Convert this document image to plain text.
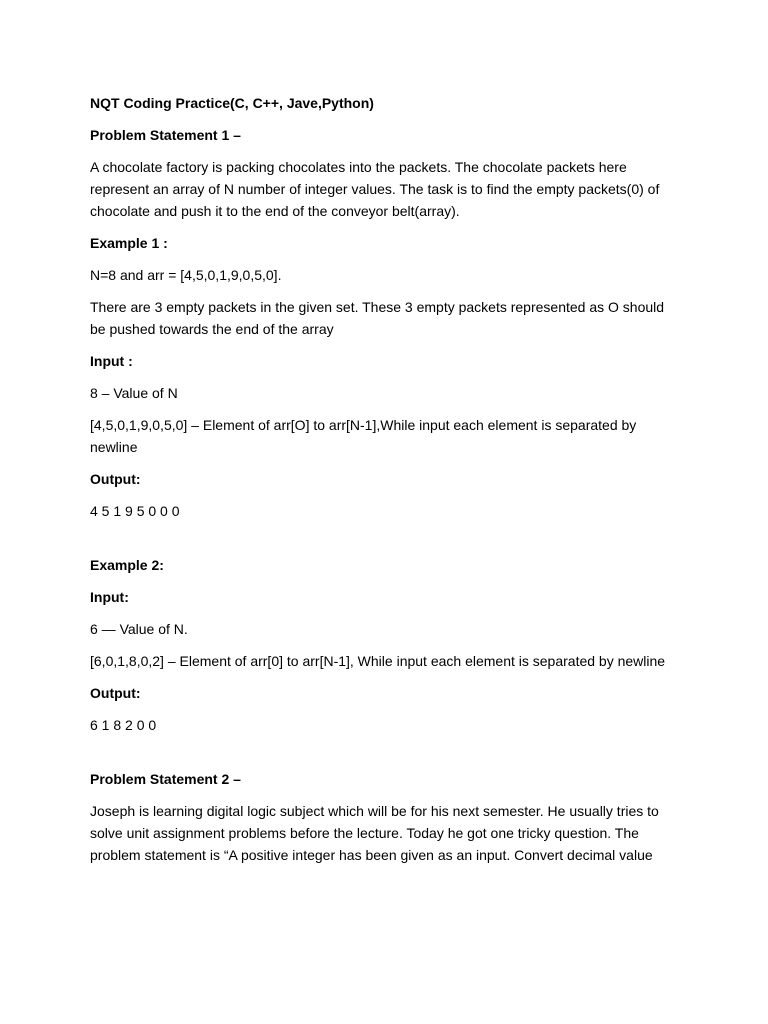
NQT Coding Practice(C, C++, Jave,Python)

Problem Statement 1 –

A chocolate factory is packing chocolates into the packets. The chocolate packets here represent an array of N number of integer values. The task is to find the empty packets(0) of chocolate and push it to the end of the conveyor belt(array).

Example 1 :

N=8 and arr = [4,5,0,1,9,0,5,0].

There are 3 empty packets in the given set. These 3 empty packets represented as O should be pushed towards the end of the array

Input :

8 – Value of N

[4,5,0,1,9,0,5,0] – Element of arr[O] to arr[N-1],While input each element is separated by newline

Output:

4 5 1 9 5 0 0 0

Example 2:

Input:

6 — Value of N.

[6,0,1,8,0,2] – Element of arr[0] to arr[N-1], While input each element is separated by newline

Output:

6 1 8 2 0 0

Problem Statement 2 –

Joseph is learning digital logic subject which will be for his next semester. He usually tries to solve unit assignment problems before the lecture. Today he got one tricky question. The problem statement is “A positive integer has been given as an input. Convert decimal value
